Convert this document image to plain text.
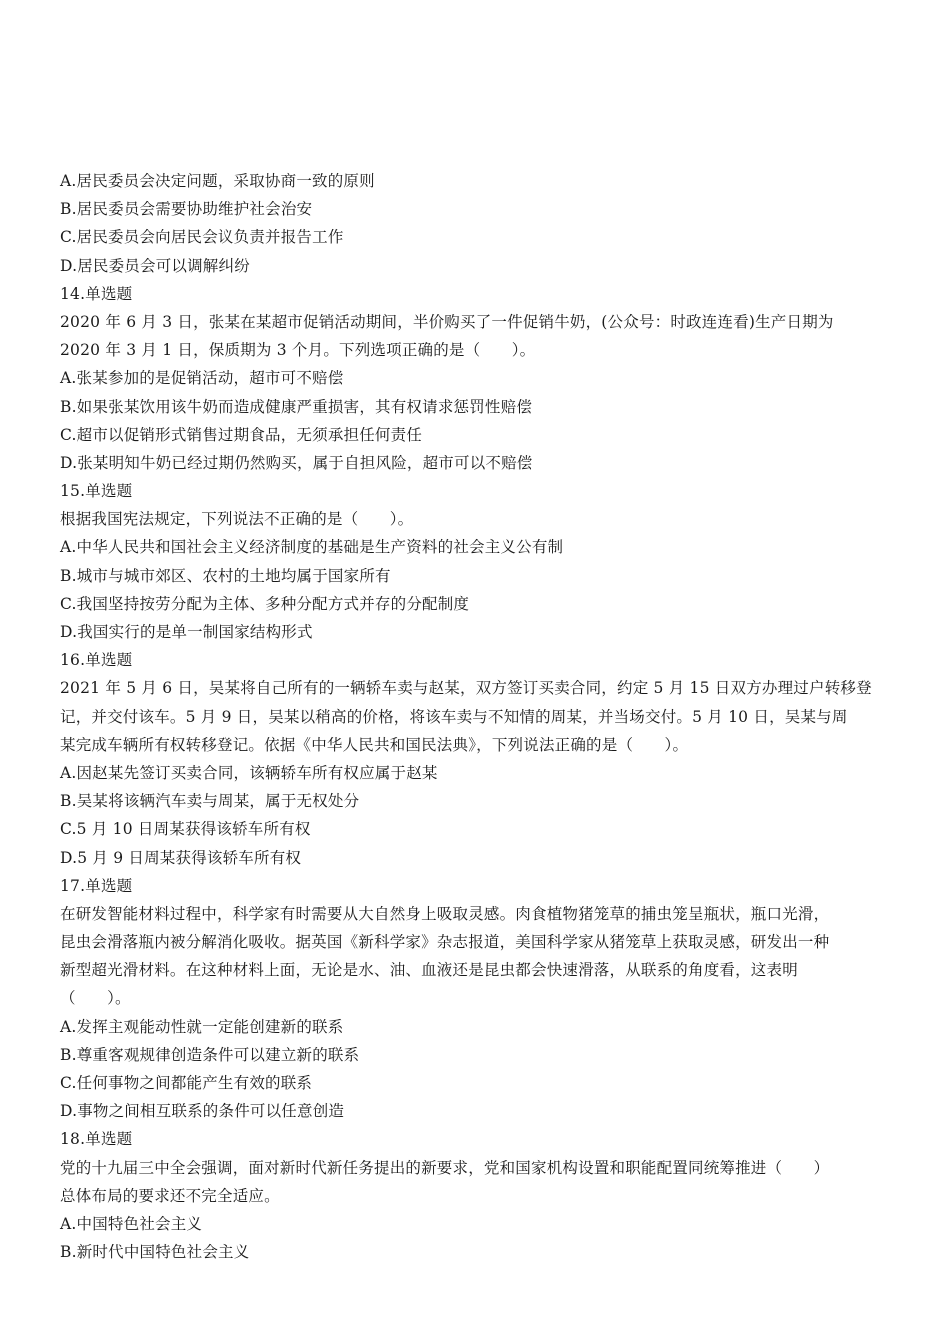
A.居民委员会决定问题，采取协商一致的原则
B.居民委员会需要协助维护社会治安
C.居民委员会向居民会议负责并报告工作
D.居民委员会可以调解纠纷
14.单选题
2020 年 6 月 3 日，张某在某超市促销活动期间，半价购买了一件促销牛奶，(公众号：时政连连看)生产日期为
2020 年 3 月 1 日，保质期为 3 个月。下列选项正确的是（　　）。
A.张某参加的是促销活动，超市可不赔偿
B.如果张某饮用该牛奶而造成健康严重损害，其有权请求惩罚性赔偿
C.超市以促销形式销售过期食品，无须承担任何责任
D.张某明知牛奶已经过期仍然购买，属于自担风险，超市可以不赔偿
15.单选题
根据我国宪法规定，下列说法不正确的是（　　）。
A.中华人民共和国社会主义经济制度的基础是生产资料的社会主义公有制
B.城市与城市郊区、农村的土地均属于国家所有
C.我国坚持按劳分配为主体、多种分配方式并存的分配制度
D.我国实行的是单一制国家结构形式
16.单选题
2021 年 5 月 6 日，吴某将自己所有的一辆轿车卖与赵某，双方签订买卖合同，约定 5 月 15 日双方办理过户转移登
记，并交付该车。5 月 9 日，吴某以稍高的价格，将该车卖与不知情的周某，并当场交付。5 月 10 日，吴某与周
某完成车辆所有权转移登记。依据《中华人民共和国民法典》，下列说法正确的是（　　）。
A.因赵某先签订买卖合同，该辆轿车所有权应属于赵某
B.吴某将该辆汽车卖与周某，属于无权处分
C.5 月 10 日周某获得该轿车所有权
D.5 月 9 日周某获得该轿车所有权
17.单选题
在研发智能材料过程中，科学家有时需要从大自然身上吸取灵感。肉食植物猪笼草的捕虫笼呈瓶状，瓶口光滑，
昆虫会滑落瓶内被分解消化吸收。据英国《新科学家》杂志报道，美国科学家从猪笼草上获取灵感，研发出一种
新型超光滑材料。在这种材料上面，无论是水、油、血液还是昆虫都会快速滑落，从联系的角度看，这表明
（　　）。
A.发挥主观能动性就一定能创建新的联系
B.尊重客观规律创造条件可以建立新的联系
C.任何事物之间都能产生有效的联系
D.事物之间相互联系的条件可以任意创造
18.单选题
党的十九届三中全会强调，面对新时代新任务提出的新要求，党和国家机构设置和职能配置同统筹推进（　　）
总体布局的要求还不完全适应。
A.中国特色社会主义
B.新时代中国特色社会主义
